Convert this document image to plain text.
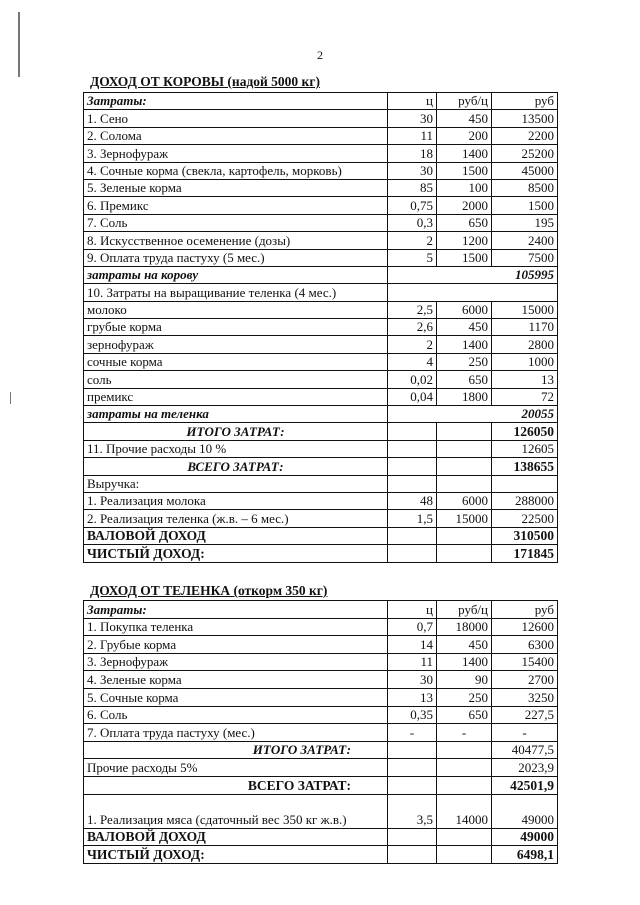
2
ДОХОД ОТ КОРОВЫ (надой 5000 кг)
Затраты:	ц	руб/ц	руб
1. Сено	30	450	13500
2. Солома	11	200	2200
3. Зернофураж	18	1400	25200
4. Сочные корма (свекла, картофель, морковь)	30	1500	45000
5. Зеленые корма	85	100	8500
6. Премикс	0,75	2000	1500
7. Соль	0,3	650	195
8. Искусственное осеменение (дозы)	2	1200	2400
9. Оплата труда пастуху (5 мес.)	5	1500	7500
затраты на корову	105995		
10. Затраты на выращивание теленка (4 мес.)			
молоко	2,5	6000	15000
грубые корма	2,6	450	1170
зернофураж	2	1400	2800
сочные корма	4	250	1000
соль	0,02	650	13
премикс	0,04	1800	72
затраты на теленка	20055		
ИТОГО ЗАТРАТ:			126050
11. Прочие расходы 10 %			12605
ВСЕГО ЗАТРАТ:			138655
Выручка:			
1. Реализация молока	48	6000	288000
2. Реализация теленка (ж.в. – 6 мес.)	1,5	15000	22500
ВАЛОВОЙ ДОХОД			310500
ЧИСТЫЙ ДОХОД:			171845
ДОХОД ОТ ТЕЛЕНКА (откорм 350 кг)
Затраты:	ц	руб/ц	руб
1. Покупка теленка	0,7	18000	12600
2. Грубые корма	14	450	6300
3. Зернофураж	11	1400	15400
4. Зеленые корма	30	90	2700
5. Сочные корма	13	250	3250
6. Соль	0,35	650	227,5
7. Оплата труда пастуху (мес.)	-	-	-
ИТОГО ЗАТРАТ:			40477,5
Прочие расходы 5%			2023,9
ВСЕГО ЗАТРАТ:			42501,9
1. Реализация мяса (сдаточный вес 350 кг ж.в.)	3,5	14000	49000
ВАЛОВОЙ ДОХОД			49000
ЧИСТЫЙ ДОХОД:			6498,1
